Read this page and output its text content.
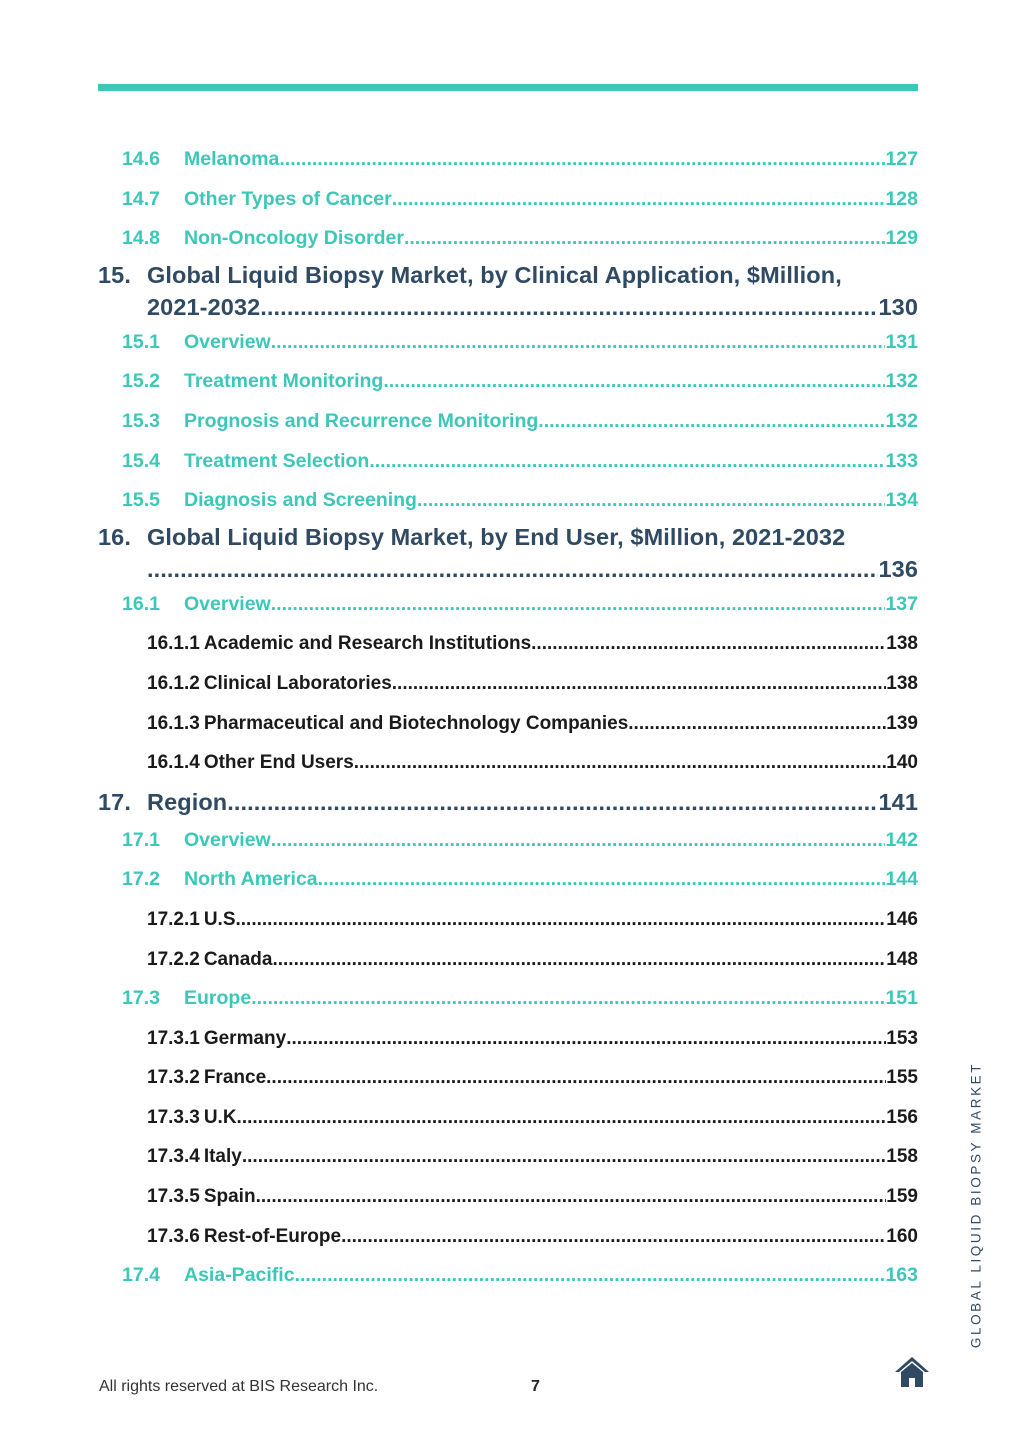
14.6	Melanoma .....	127
14.7	Other Types of Cancer .....	128
14.8	Non-Oncology Disorder .....	129
15. Global Liquid Biopsy Market, by Clinical Application, $Million,
2021-2032 .....	130
15.1	Overview .....	131
15.2	Treatment Monitoring .....	132
15.3	Prognosis and Recurrence Monitoring .....	132
15.4	Treatment Selection .....	133
15.5	Diagnosis and Screening .....	134
16. Global Liquid Biopsy Market, by End User, $Million, 2021-2032
.....
136
16.1	Overview .....	137
16.1.1 Academic and Research Institutions .....	138
16.1.2 Clinical Laboratories .....	138
16.1.3 Pharmaceutical and Biotechnology Companies .....	139
16.1.4 Other End Users .....	140
17. Region .....	141
17.1	Overview .....	142
17.2	North America .....	144
17.2.1 U.S. .....	146
17.2.2 Canada .....	148
17.3	Europe .....	151
17.3.1 Germany .....	153
17.3.2 France .....	155
17.3.3 U.K. .....	156
17.3.4 Italy .....	158
17.3.5 Spain .....	159
17.3.6 Rest-of-Europe .....	160
17.4	Asia-Pacific .....	163	GLOBAL LIQUID BIOPSY MARKET
All rights reserved at BIS Research Inc.	7
